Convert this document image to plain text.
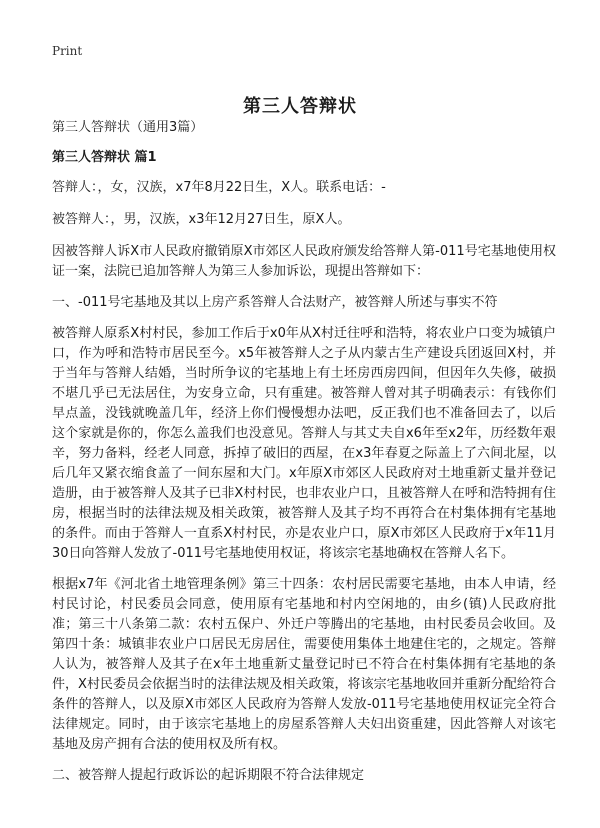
Print
第三人答辩状

第三人答辩状（通用3篇）

第三人答辩状 篇1

答辩人：，女，汉族，x7年8月22日生，X人。联系电话：-

被答辩人：，男，汉族，x3年12月27日生，原X人。

因被答辩人诉X市人民政府撤销原X市郊区人民政府颁发给答辩人第-011号宅基地使用权证一案，法院已追加答辩人为第三人参加诉讼，现提出答辩如下：

一、-011号宅基地及其以上房产系答辩人合法财产，被答辩人所述与事实不符

被答辩人原系X村村民，参加工作后于x0年从X村迁往呼和浩特，将农业户口变为城镇户口，作为呼和浩特市居民至今。x5年被答辩人之子从内蒙古生产建设兵团返回X村，并于当年与答辩人结婚，当时所争议的宅基地上有土坯房西房四间，但因年久失修，破损不堪几乎已无法居住，为安身立命，只有重建。被答辩人曾对其子明确表示：有钱你们早点盖，没钱就晚盖几年，经济上你们慢慢想办法吧，反正我们也不准备回去了，以后这个家就是你的，你怎么盖我们也没意见。答辩人与其丈夫自x6年至x2年，历经数年艰辛，努力备料，经老人同意，拆掉了破旧的西屋，在x3年春夏之际盖上了六间北屋，以后几年又紧衣缩食盖了一间东屋和大门。x年原X市郊区人民政府对土地重新丈量并登记造册，由于被答辩人及其子已非X村村民，也非农业户口，且被答辩人在呼和浩特拥有住房，根据当时的法律法规及相关政策，被答辩人及其子均不再符合在村集体拥有宅基地的条件。而由于答辩人一直系X村村民，亦是农业户口，原X市郊区人民政府于x年11月30日向答辩人发放了-011号宅基地使用权证，将该宗宅基地确权在答辩人名下。

根据x7年《河北省土地管理条例》第三十四条：农村居民需要宅基地，由本人申请，经村民讨论，村民委员会同意，使用原有宅基地和村内空闲地的，由乡(镇)人民政府批准；第三十八条第二款：农村五保户、外迁户等腾出的宅基地，由村民委员会收回。及第四十条：城镇非农业户口居民无房居住，需要使用集体土地建住宅的，之规定。答辩人认为，被答辩人及其子在x年土地重新丈量登记时已不符合在村集体拥有宅基地的条件，X村民委员会依据当时的法律法规及相关政策，将该宗宅基地收回并重新分配给符合条件的答辩人，以及原X市郊区人民政府为答辩人发放-011号宅基地使用权证完全符合法律规定。同时，由于该宗宅基地上的房屋系答辩人夫妇出资重建，因此答辩人对该宅基地及房产拥有合法的使用权及所有权。

二、被答辩人提起行政诉讼的起诉期限不符合法律规定
